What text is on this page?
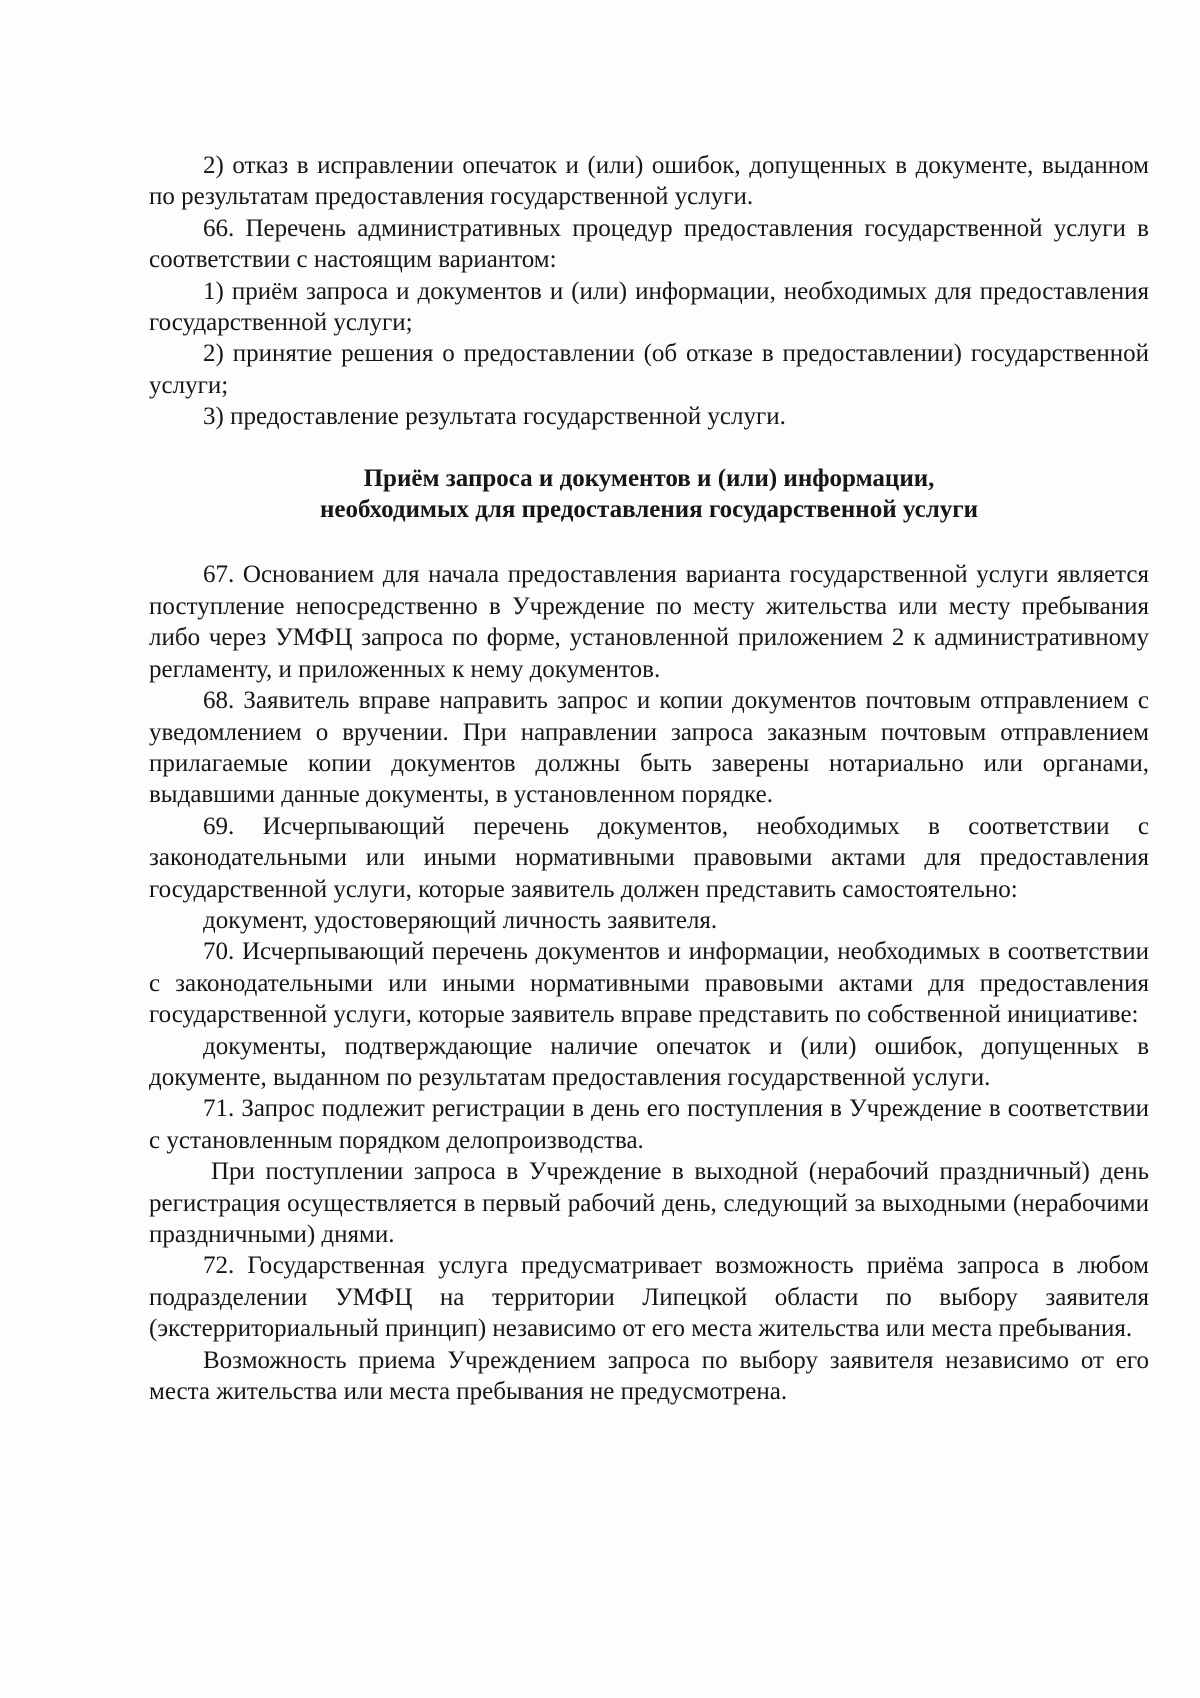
2) отказ в исправлении опечаток и (или) ошибок, допущенных в документе, выданном по результатам предоставления государственной услуги.

66. Перечень административных процедур предоставления государственной услуги в соответствии с настоящим вариантом:

1) приём запроса и документов и (или) информации, необходимых для предоставления государственной услуги;

2) принятие решения о предоставлении (об отказе в предоставлении) государственной услуги;

3) предоставление результата государственной услуги.

Приём запроса и документов и (или) информации,

необходимых для предоставления государственной услуги

67. Основанием для начала предоставления варианта государственной услуги является поступление непосредственно в Учреждение по месту жительства или месту пребывания либо через УМФЦ запроса по форме, установленной приложением 2 к административному регламенту, и приложенных к нему документов.

68. Заявитель вправе направить запрос и копии документов почтовым отправлением с уведомлением о вручении. При направлении запроса заказным почтовым отправлением прилагаемые копии документов должны быть заверены нотариально или органами, выдавшими данные документы, в установленном порядке.

69. Исчерпывающий перечень документов, необходимых в соответствии с законодательными или иными нормативными правовыми актами для предоставления государственной услуги, которые заявитель должен представить самостоятельно:

документ, удостоверяющий личность заявителя.

70. Исчерпывающий перечень документов и информации, необходимых в соответствии с законодательными или иными нормативными правовыми актами для предоставления государственной услуги, которые заявитель вправе представить по собственной инициативе:

документы, подтверждающие наличие опечаток и (или) ошибок, допущенных в документе, выданном по результатам предоставления государственной услуги.

71. Запрос подлежит регистрации в день его поступления в Учреждение в соответствии с установленным порядком делопроизводства.

При поступлении запроса в Учреждение в выходной (нерабочий праздничный) день регистрация осуществляется в первый рабочий день, следующий за выходными (нерабочими праздничными) днями.

72. Государственная услуга предусматривает возможность приёма запроса в любом подразделении УМФЦ на территории Липецкой области по выбору заявителя (экстерриториальный принцип) независимо от его места жительства или места пребывания.

Возможность приема Учреждением запроса по выбору заявителя независимо от его места жительства или места пребывания не предусмотрена.
